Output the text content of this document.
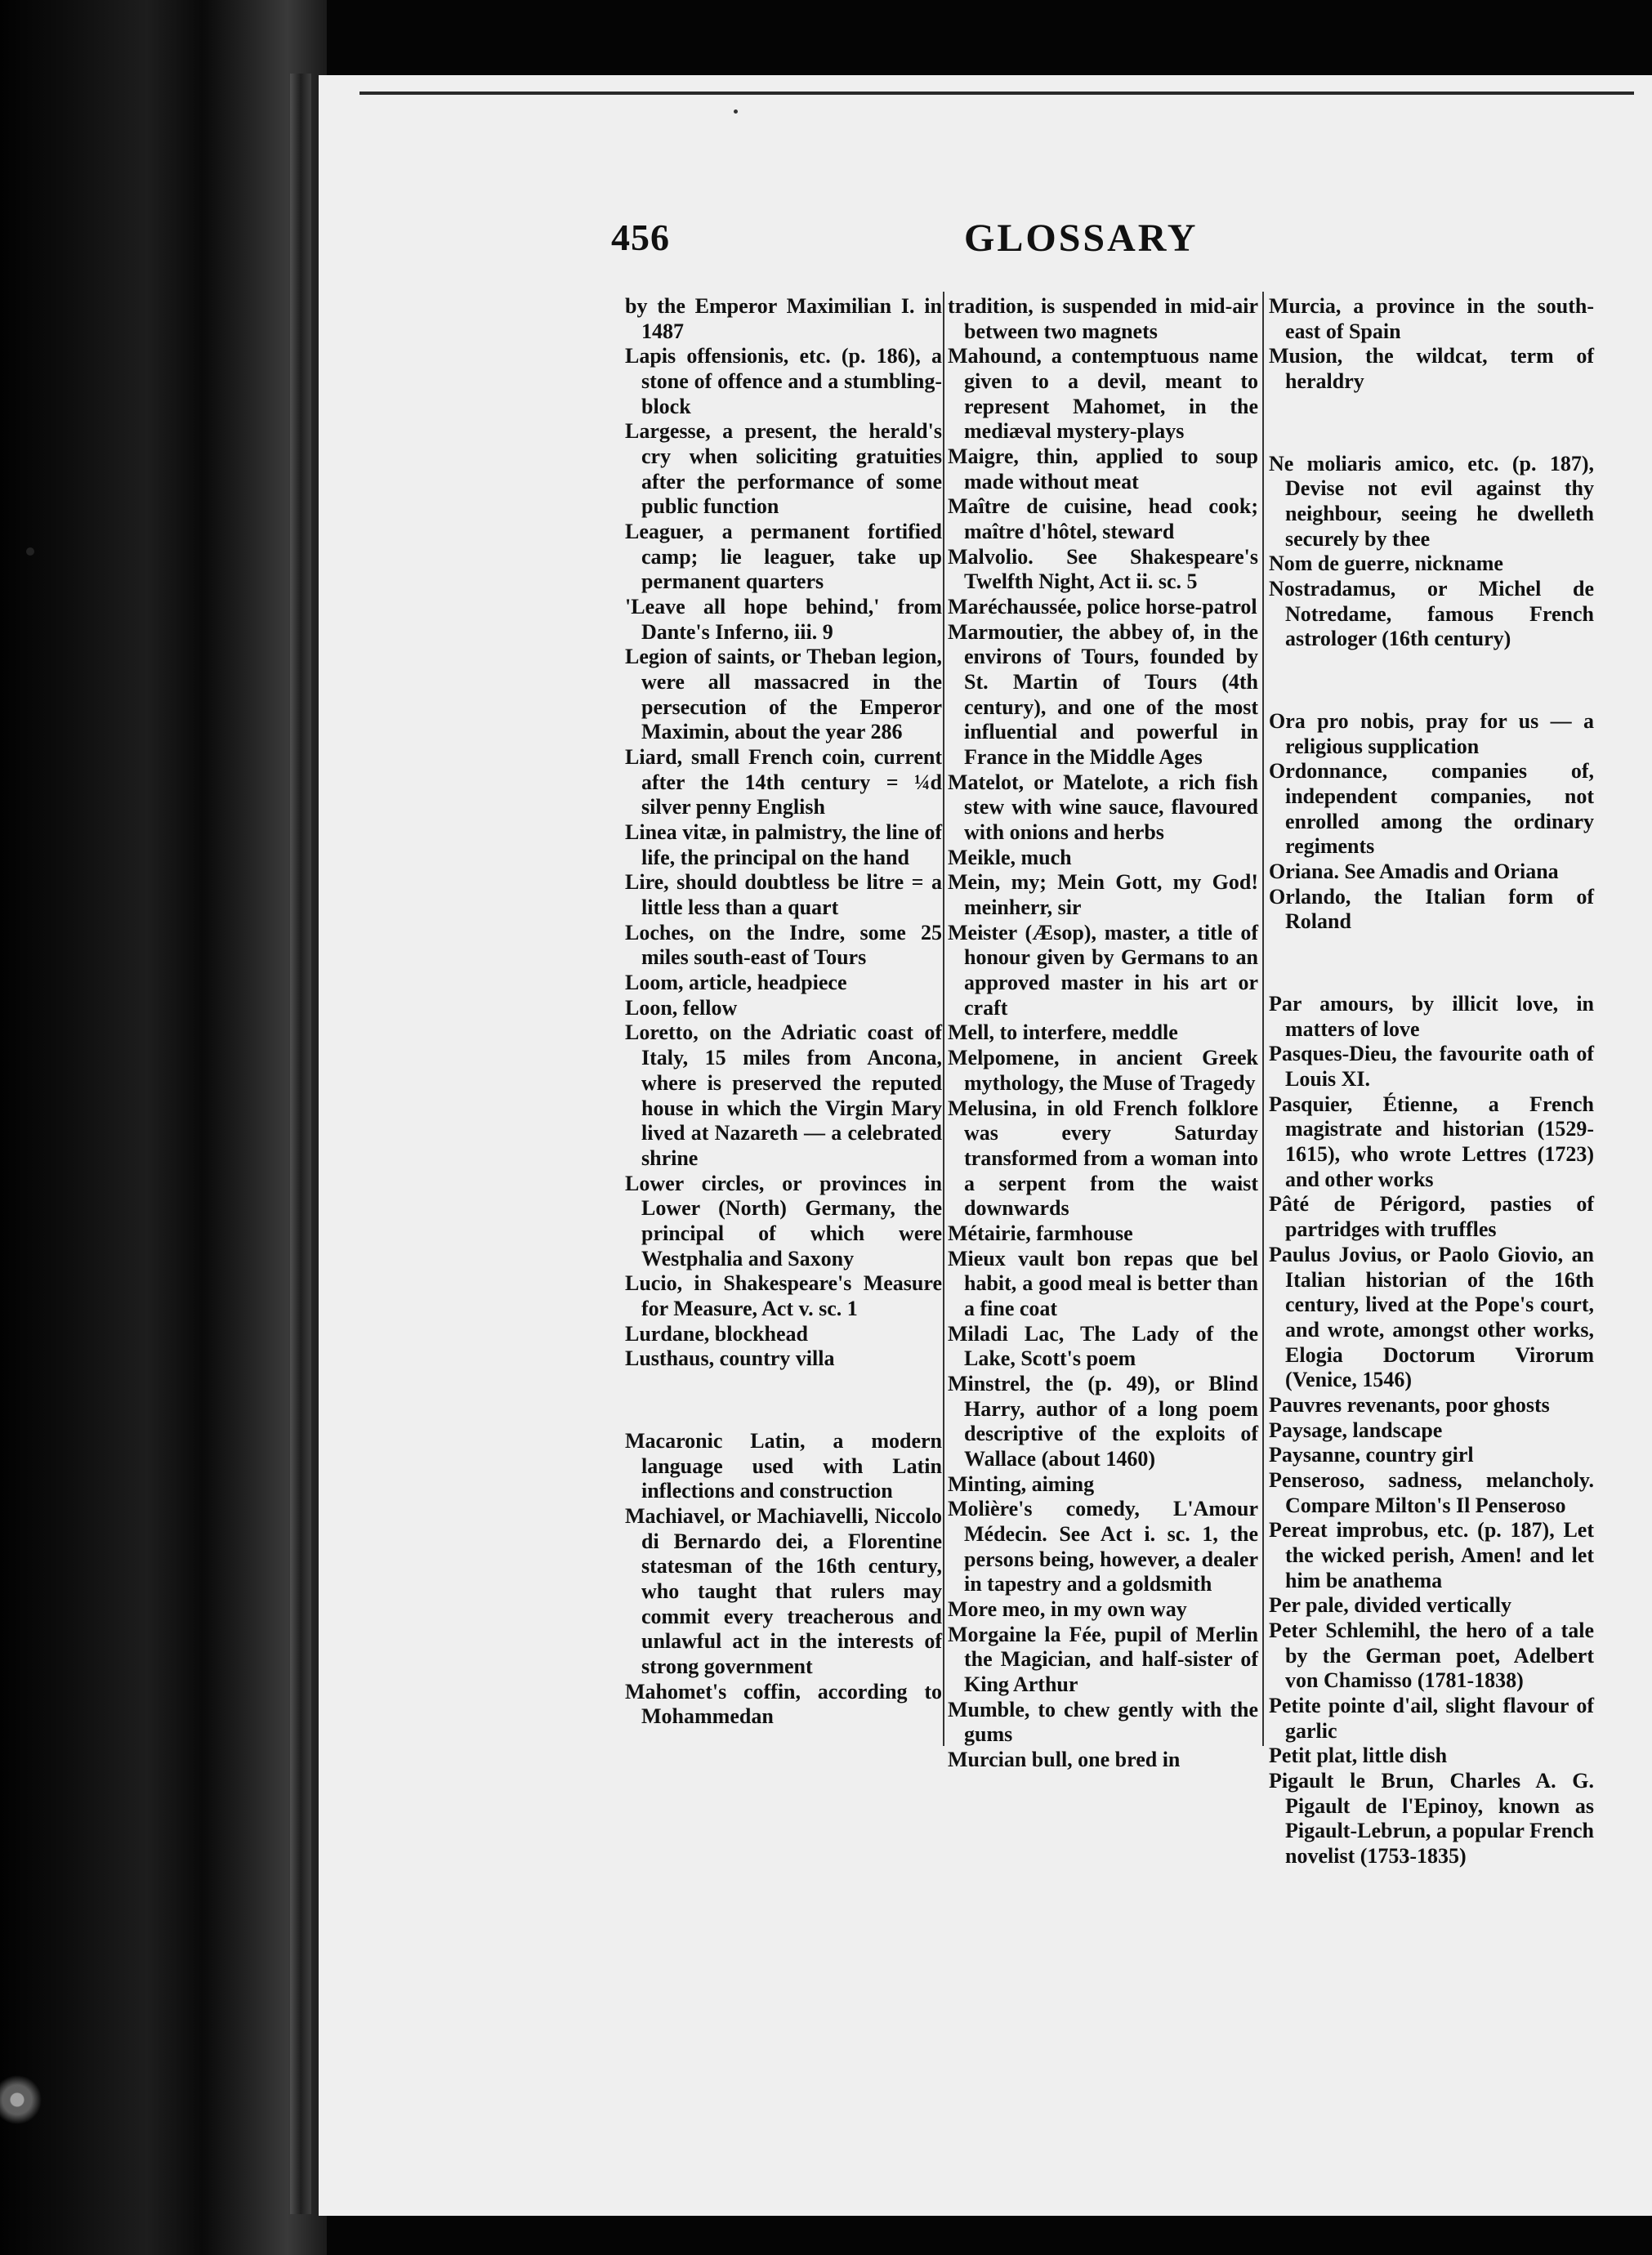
456	GLOSSARY

by the Emperor Maximilian I. in 1487

Lapis offensionis, etc. (p. 186), a stone of offence and a stumbling-block

Largesse, a present, the herald's cry when soliciting gratuities after the performance of some public function

Leaguer, a permanent fortified camp; lie leaguer, take up permanent quarters

'Leave all hope behind,' from Dante's Inferno, iii. 9

Legion of saints, or Theban legion, were all massacred in the persecution of the Emperor Maximin, about the year 286

Liard, small French coin, current after the 14th century = ¼d silver penny English

Linea vitæ, in palmistry, the line of life, the principal on the hand

Lire, should doubtless be litre = a little less than a quart

Loches, on the Indre, some 25 miles south-east of Tours

Loom, article, headpiece

Loon, fellow

Loretto, on the Adriatic coast of Italy, 15 miles from Ancona, where is preserved the reputed house in which the Virgin Mary lived at Nazareth — a celebrated shrine

Lower circles, or provinces in Lower (North) Germany, the principal of which were Westphalia and Saxony

Lucio, in Shakespeare's Measure for Measure, Act v. sc. 1

Lurdane, blockhead

Lusthaus, country villa

Macaronic Latin, a modern language used with Latin inflections and construction

Machiavel, or Machiavelli, Niccolo di Bernardo dei, a Florentine statesman of the 16th century, who taught that rulers may commit every treacherous and unlawful act in the interests of strong government

Mahomet's coffin, according to Mohammedan

tradition, is suspended in mid-air between two magnets

Mahound, a contemptuous name given to a devil, meant to represent Mahomet, in the mediæval mystery-plays

Maigre, thin, applied to soup made without meat

Maître de cuisine, head cook; maître d'hôtel, steward

Malvolio. See Shakespeare's Twelfth Night, Act ii. sc. 5

Maréchaussée, police horse-patrol

Marmoutier, the abbey of, in the environs of Tours, founded by St. Martin of Tours (4th century), and one of the most influential and powerful in France in the Middle Ages

Matelot, or Matelote, a rich fish stew with wine sauce, flavoured with onions and herbs

Meikle, much

Mein, my; Mein Gott, my God! meinherr, sir

Meister (Æsop), master, a title of honour given by Germans to an approved master in his art or craft

Mell, to interfere, meddle

Melpomene, in ancient Greek mythology, the Muse of Tragedy

Melusina, in old French folklore was every Saturday transformed from a woman into a serpent from the waist downwards

Métairie, farmhouse

Mieux vault bon repas que bel habit, a good meal is better than a fine coat

Miladi Lac, The Lady of the Lake, Scott's poem

Minstrel, the (p. 49), or Blind Harry, author of a long poem descriptive of the exploits of Wallace (about 1460)

Minting, aiming

Molière's comedy, L'Amour Médecin. See Act i. sc. 1, the persons being, however, a dealer in tapestry and a goldsmith

More meo, in my own way

Morgaine la Fée, pupil of Merlin the Magician, and half-sister of King Arthur

Mumble, to chew gently with the gums

Murcian bull, one bred in

Murcia, a province in the south-east of Spain

Musion, the wildcat, term of heraldry

Ne moliaris amico, etc. (p. 187), Devise not evil against thy neighbour, seeing he dwelleth securely by thee

Nom de guerre, nickname

Nostradamus, or Michel de Notredame, famous French astrologer (16th century)

Ora pro nobis, pray for us — a religious supplication

Ordonnance, companies of, independent companies, not enrolled among the ordinary regiments

Oriana. See Amadis and Oriana

Orlando, the Italian form of Roland

Par amours, by illicit love, in matters of love

Pasques-Dieu, the favourite oath of Louis XI.

Pasquier, Étienne, a French magistrate and historian (1529-1615), who wrote Lettres (1723) and other works

Pâté de Périgord, pasties of partridges with truffles

Paulus Jovius, or Paolo Giovio, an Italian historian of the 16th century, lived at the Pope's court, and wrote, amongst other works, Elogia Doctorum Virorum (Venice, 1546)

Pauvres revenants, poor ghosts

Paysage, landscape

Paysanne, country girl

Penseroso, sadness, melancholy. Compare Milton's Il Penseroso

Pereat improbus, etc. (p. 187), Let the wicked perish, Amen! and let him be anathema

Per pale, divided vertically

Peter Schlemihl, the hero of a tale by the German poet, Adelbert von Chamisso (1781-1838)

Petite pointe d'ail, slight flavour of garlic

Petit plat, little dish

Pigault le Brun, Charles A. G. Pigault de l'Epinoy, known as Pigault-Lebrun, a popular French novelist (1753-1835)
